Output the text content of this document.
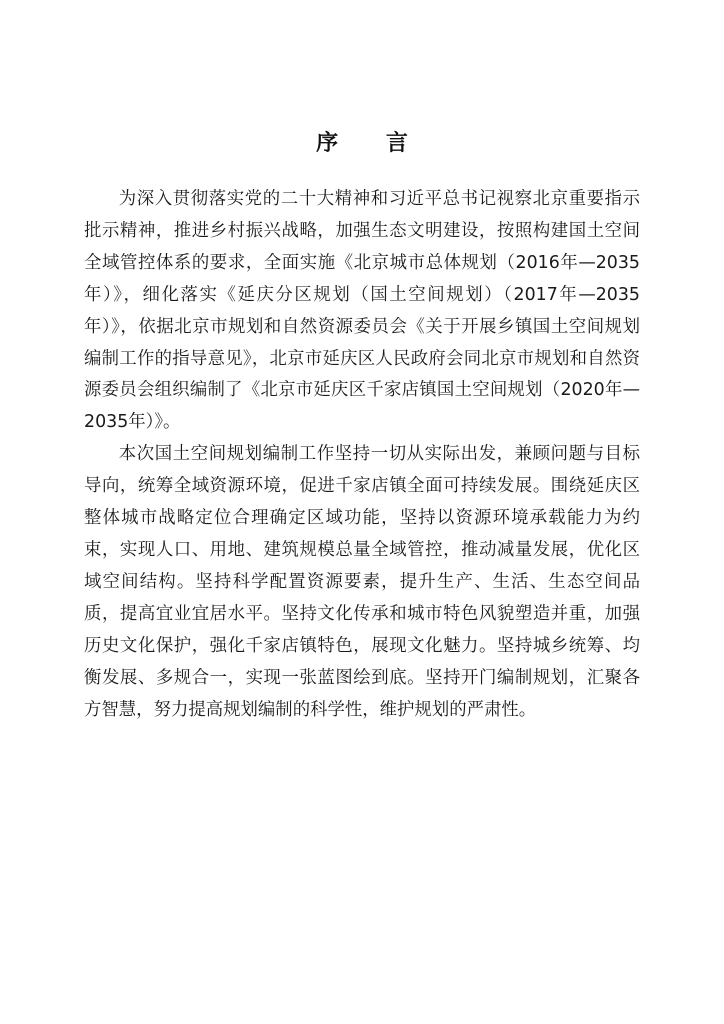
序 言

为深入贯彻落实党的二十大精神和习近平总书记视察北京重要指示批示精神，推进乡村振兴战略，加强生态文明建设，按照构建国土空间全域管控体系的要求，全面实施《北京城市总体规划（2016年—2035年）》，细化落实《延庆分区规划（国土空间规划）（2017年—2035年）》，依据北京市规划和自然资源委员会《关于开展乡镇国土空间规划编制工作的指导意见》，北京市延庆区人民政府会同北京市规划和自然资源委员会组织编制了《北京市延庆区千家店镇国土空间规划（2020年—2035年）》。

本次国土空间规划编制工作坚持一切从实际出发，兼顾问题与目标导向，统筹全域资源环境，促进千家店镇全面可持续发展。围绕延庆区整体城市战略定位合理确定区域功能，坚持以资源环境承载能力为约束，实现人口、用地、建筑规模总量全域管控，推动减量发展，优化区域空间结构。坚持科学配置资源要素，提升生产、生活、生态空间品质，提高宜业宜居水平。坚持文化传承和城市特色风貌塑造并重，加强历史文化保护，强化千家店镇特色，展现文化魅力。坚持城乡统筹、均衡发展、多规合一，实现一张蓝图绘到底。坚持开门编制规划，汇聚各方智慧，努力提高规划编制的科学性，维护规划的严肃性。
